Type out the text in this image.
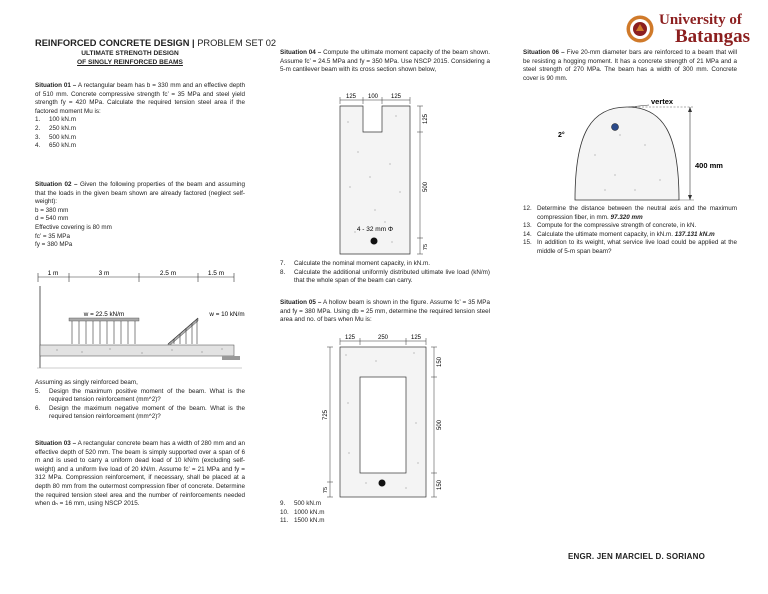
REINFORCED CONCRETE DESIGN | PROBLEM SET 02
ULTIMATE STRENGTH DESIGN
OF SINGLY REINFORCED BEAMS
University of
Batangas

Situation 01 – A rectangular beam has b = 330 mm and an effective depth of 510 mm. Concrete compressive strength fc’ = 35 MPa and steel yield strength fy = 420 MPa. Calculate the required tension steel area if the factored moment Mu is:

1.	100 kN.m
2.	250 kN.m
3.	500 kN.m
4.	650 kN.m

Situation 02 – Given the following properties of the beam and assuming that the loads in the given beam shown are already factored (neglect self-weight):

b = 380 mm
d = 540 mm
Effective covering is 80 mm
fc’ = 35 MPa
fy = 380 MPa
1 m	3 m	2.5 m	1.5 m
w = 22.5 kN/m	w = 10 kN/m

Assuming as singly reinforced beam,

5.	Design the maximum positive moment of the beam. What is the required tension reinforcement (mm^2)?
6.	Design the maximum negative moment of the beam. What is the required tension reinforcement (mm^2)?

Situation 03 – A rectangular concrete beam has a width of 280 mm and an effective depth of 520 mm. The beam is simply supported over a span of 6 m and is used to carry a uniform dead load of 10 kN/m (excluding self-weight) and a uniform live load of 20 kN/m. Assume fc’ = 21 MPa and fy = 312 MPa. Compression reinforcement, if necessary, shall be placed at a depth 80 mm from the outermost compression fiber of concrete. Determine the required tension steel area and the number of reinforcements needed when dₕ = 16 mm, using NSCP 2015.

Situation 04 – Compute the ultimate moment capacity of the beam shown. Assume fc’ = 24.5 MPa and fy = 350 MPa. Use NSCP 2015. Considering a 5-m cantilever beam with its cross section shown below,

125 100 125
125
500
75
4 - 32 mm Φ
7.	Calculate the nominal moment capacity, in kN.m.
8.	Calculate the additional uniformly distributed ultimate live load (kN/m) that the whole span of the beam can carry.

Situation 05 – A hollow beam is shown in the figure. Assume fc’ = 35 MPa and fy = 380 MPa. Using db = 25 mm, determine the required tension steel area and no. of bars when Mu is:

125	250	125
150
500
150
725
75
9.	500 kN.m
10. 1000 kN.m
11. 1500 kN.m

Situation 06 – Five 20-mm diameter bars are reinforced to a beam that will be resisting a hogging moment. It has a concrete strength of 21 MPa and a steel strength of 270 MPa. The beam has a width of 300 mm. Concrete cover is 90 mm.

vertex
2°
400 mm
12. Determine the distance between the neutral axis and the maximum compression fiber, in mm. 97.320 mm
13. Compute for the compressive strength of concrete, in kN.
14. Calculate the ultimate moment capacity, in kN.m. 137.131 kN.m
15. In addition to its weight, what service live load could be applied at the middle of 5-m span beam?
ENGR. JEN MARCIEL D. SORIANO
